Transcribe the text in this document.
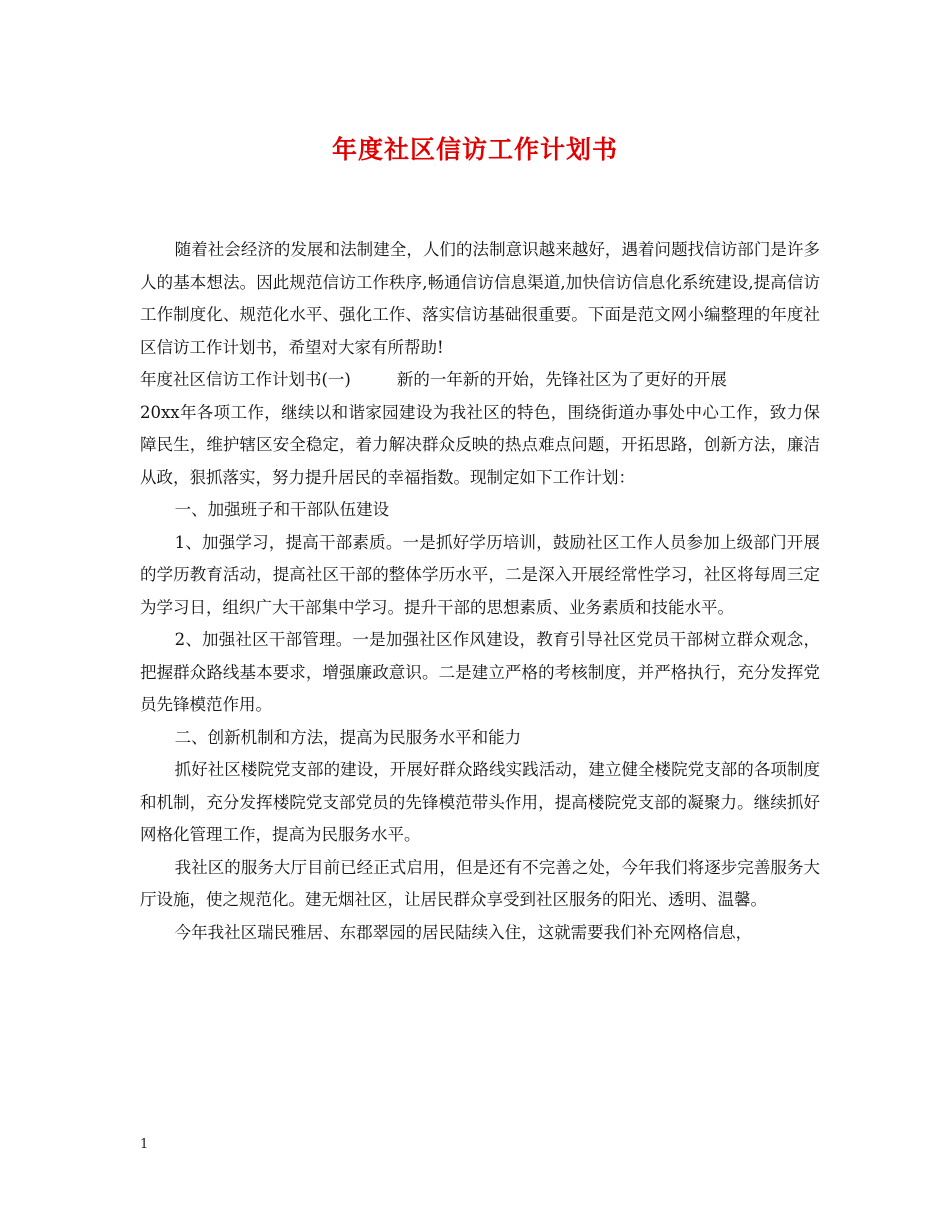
年度社区信访工作计划书

随着社会经济的发展和法制建全，人们的法制意识越来越好，遇着问题找信访部门是许多人的基本想法。因此规范信访工作秩序,畅通信访信息渠道,加快信访信息化系统建设,提高信访工作制度化、规范化水平、强化工作、落实信访基础很重要。下面是范文网小编整理的年度社区信访工作计划书，希望对大家有所帮助!

年度社区信访工作计划书(一)	新的一年新的开始，先锋社区为了更好的开展

20xx年各项工作，继续以和谐家园建设为我社区的特色，围绕街道办事处中心工作，致力保障民生，维护辖区安全稳定，着力解决群众反映的热点难点问题，开拓思路，创新方法，廉洁从政，狠抓落实，努力提升居民的幸福指数。现制定如下工作计划：

一、加强班子和干部队伍建设

1、加强学习，提高干部素质。一是抓好学历培训，鼓励社区工作人员参加上级部门开展的学历教育活动，提高社区干部的整体学历水平，二是深入开展经常性学习，社区将每周三定为学习日，组织广大干部集中学习。提升干部的思想素质、业务素质和技能水平。

2、加强社区干部管理。一是加强社区作风建设，教育引导社区党员干部树立群众观念，把握群众路线基本要求，增强廉政意识。二是建立严格的考核制度，并严格执行，充分发挥党员先锋模范作用。

二、创新机制和方法，提高为民服务水平和能力

抓好社区楼院党支部的建设，开展好群众路线实践活动，建立健全楼院党支部的各项制度和机制，充分发挥楼院党支部党员的先锋模范带头作用，提高楼院党支部的凝聚力。继续抓好网格化管理工作，提高为民服务水平。

我社区的服务大厅目前已经正式启用，但是还有不完善之处，今年我们将逐步完善服务大厅设施，使之规范化。建无烟社区，让居民群众享受到社区服务的阳光、透明、温馨。

今年我社区瑞民雅居、东郡翠园的居民陆续入住，这就需要我们补充网格信息，

1
